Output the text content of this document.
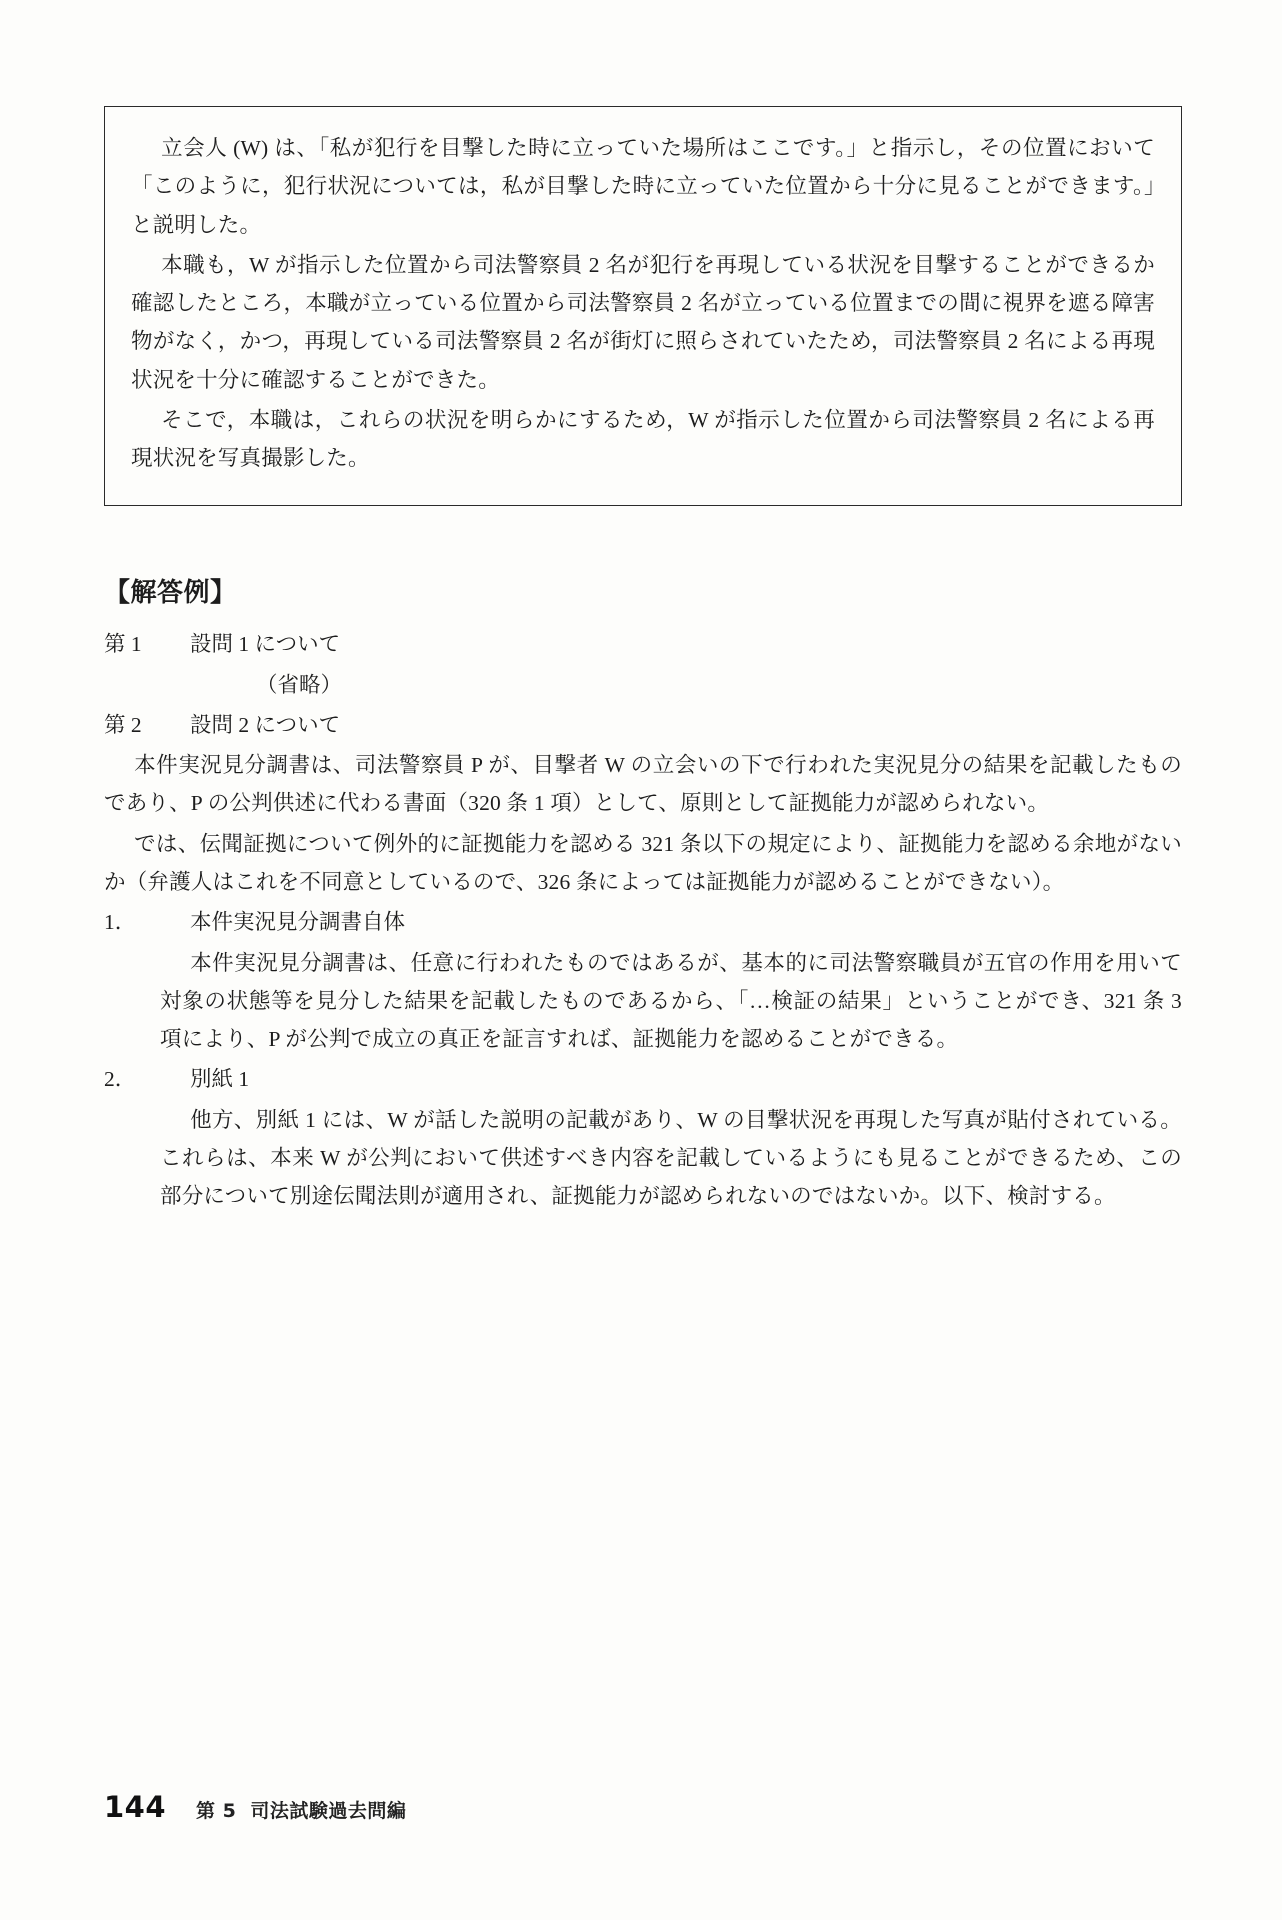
立会人 (W) は、「私が犯行を目撃した時に立っていた場所はここです。」と指示し，その位置において「このように，犯行状況については，私が目撃した時に立っていた位置から十分に見ることができます。」と説明した。

本職も，W が指示した位置から司法警察員 2 名が犯行を再現している状況を目撃することができるか確認したところ，本職が立っている位置から司法警察員 2 名が立っている位置までの間に視界を遮る障害物がなく，かつ，再現している司法警察員 2 名が街灯に照らされていたため，司法警察員 2 名による再現状況を十分に確認することができた。

そこで，本職は，これらの状況を明らかにするため，W が指示した位置から司法警察員 2 名による再現状況を写真撮影した。

【解答例】
第 1	設問 1 について
（省略）
第 2	設問 2 について
本件実況見分調書は、司法警察員 P が、目撃者 W の立会いの下で行われた実況見分の結果を記載したものであり、P の公判供述に代わる書面（320 条 1 項）として、原則として証拠能力が認められない。
では、伝聞証拠について例外的に証拠能力を認める 321 条以下の規定により、証拠能力を認める余地がないか（弁護人はこれを不同意としているので、326 条によっては証拠能力が認めることができない）。
1．	本件実況見分調書自体
本件実況見分調書は、任意に行われたものではあるが、基本的に司法警察職員が五官の作用を用いて対象の状態等を見分した結果を記載したものであるから、「…検証の結果」ということができ、321 条 3 項により、P が公判で成立の真正を証言すれば、証拠能力を認めることができる。
2．	別紙 1
他方、別紙 1 には、W が話した説明の記載があり、W の目撃状況を再現した写真が貼付されている。これらは、本来 W が公判において供述すべき内容を記載しているようにも見ることができるため、この部分について別途伝聞法則が適用され、証拠能力が認められないのではないか。以下、検討する。
144 第 5 司法試験過去問編
